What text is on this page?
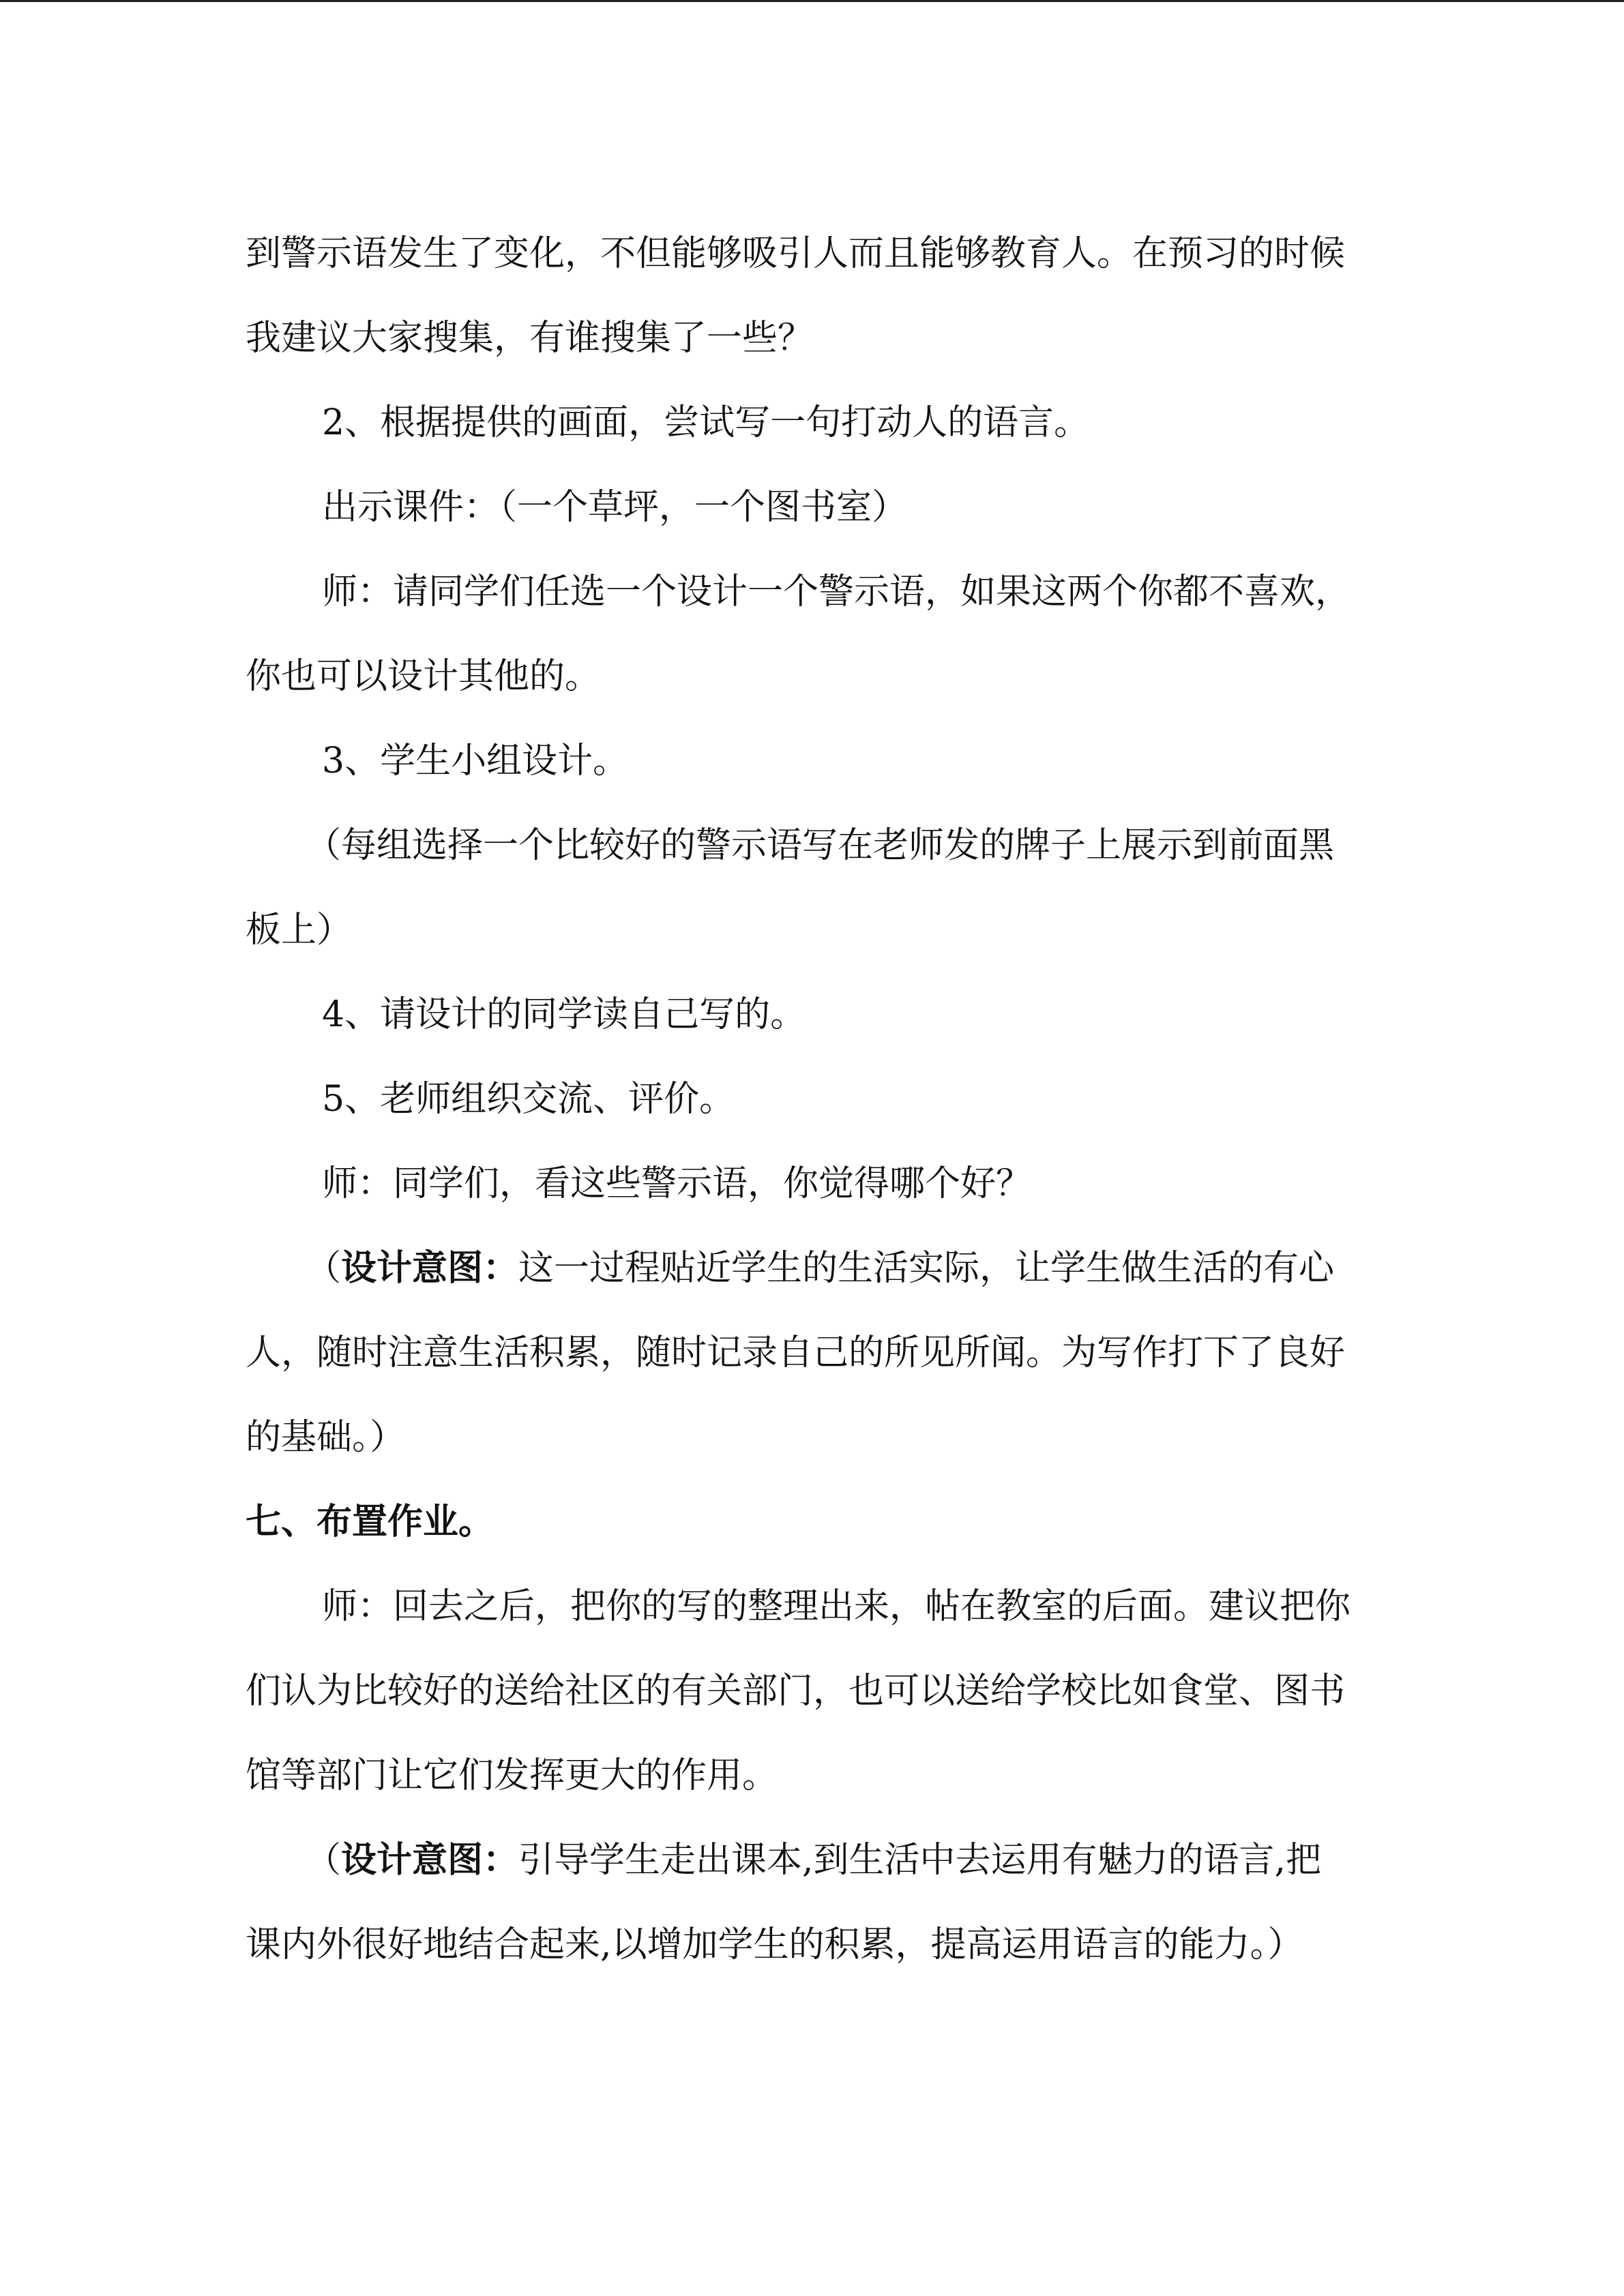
到警示语发生了变化，不但能够吸引人而且能够教育人。在预习的时候我建议大家搜集，有谁搜集了一些？

2、根据提供的画面，尝试写一句打动人的语言。

出示课件：（一个草坪，一个图书室）

师：请同学们任选一个设计一个警示语，如果这两个你都不喜欢，你也可以设计其他的。

3、学生小组设计。

（每组选择一个比较好的警示语写在老师发的牌子上展示到前面黑板上）

4、请设计的同学读自己写的。

5、老师组织交流、评价。

师：同学们，看这些警示语，你觉得哪个好？

（设计意图：这一过程贴近学生的生活实际，让学生做生活的有心人，随时注意生活积累，随时记录自己的所见所闻。为写作打下了良好的基础。）

七、布置作业。

师：回去之后，把你的写的整理出来，帖在教室的后面。建议把你们认为比较好的送给社区的有关部门，也可以送给学校比如食堂、图书馆等部门让它们发挥更大的作用。

（设计意图：引导学生走出课本,到生活中去运用有魅力的语言,把课内外很好地结合起来,以增加学生的积累，提高运用语言的能力。）
